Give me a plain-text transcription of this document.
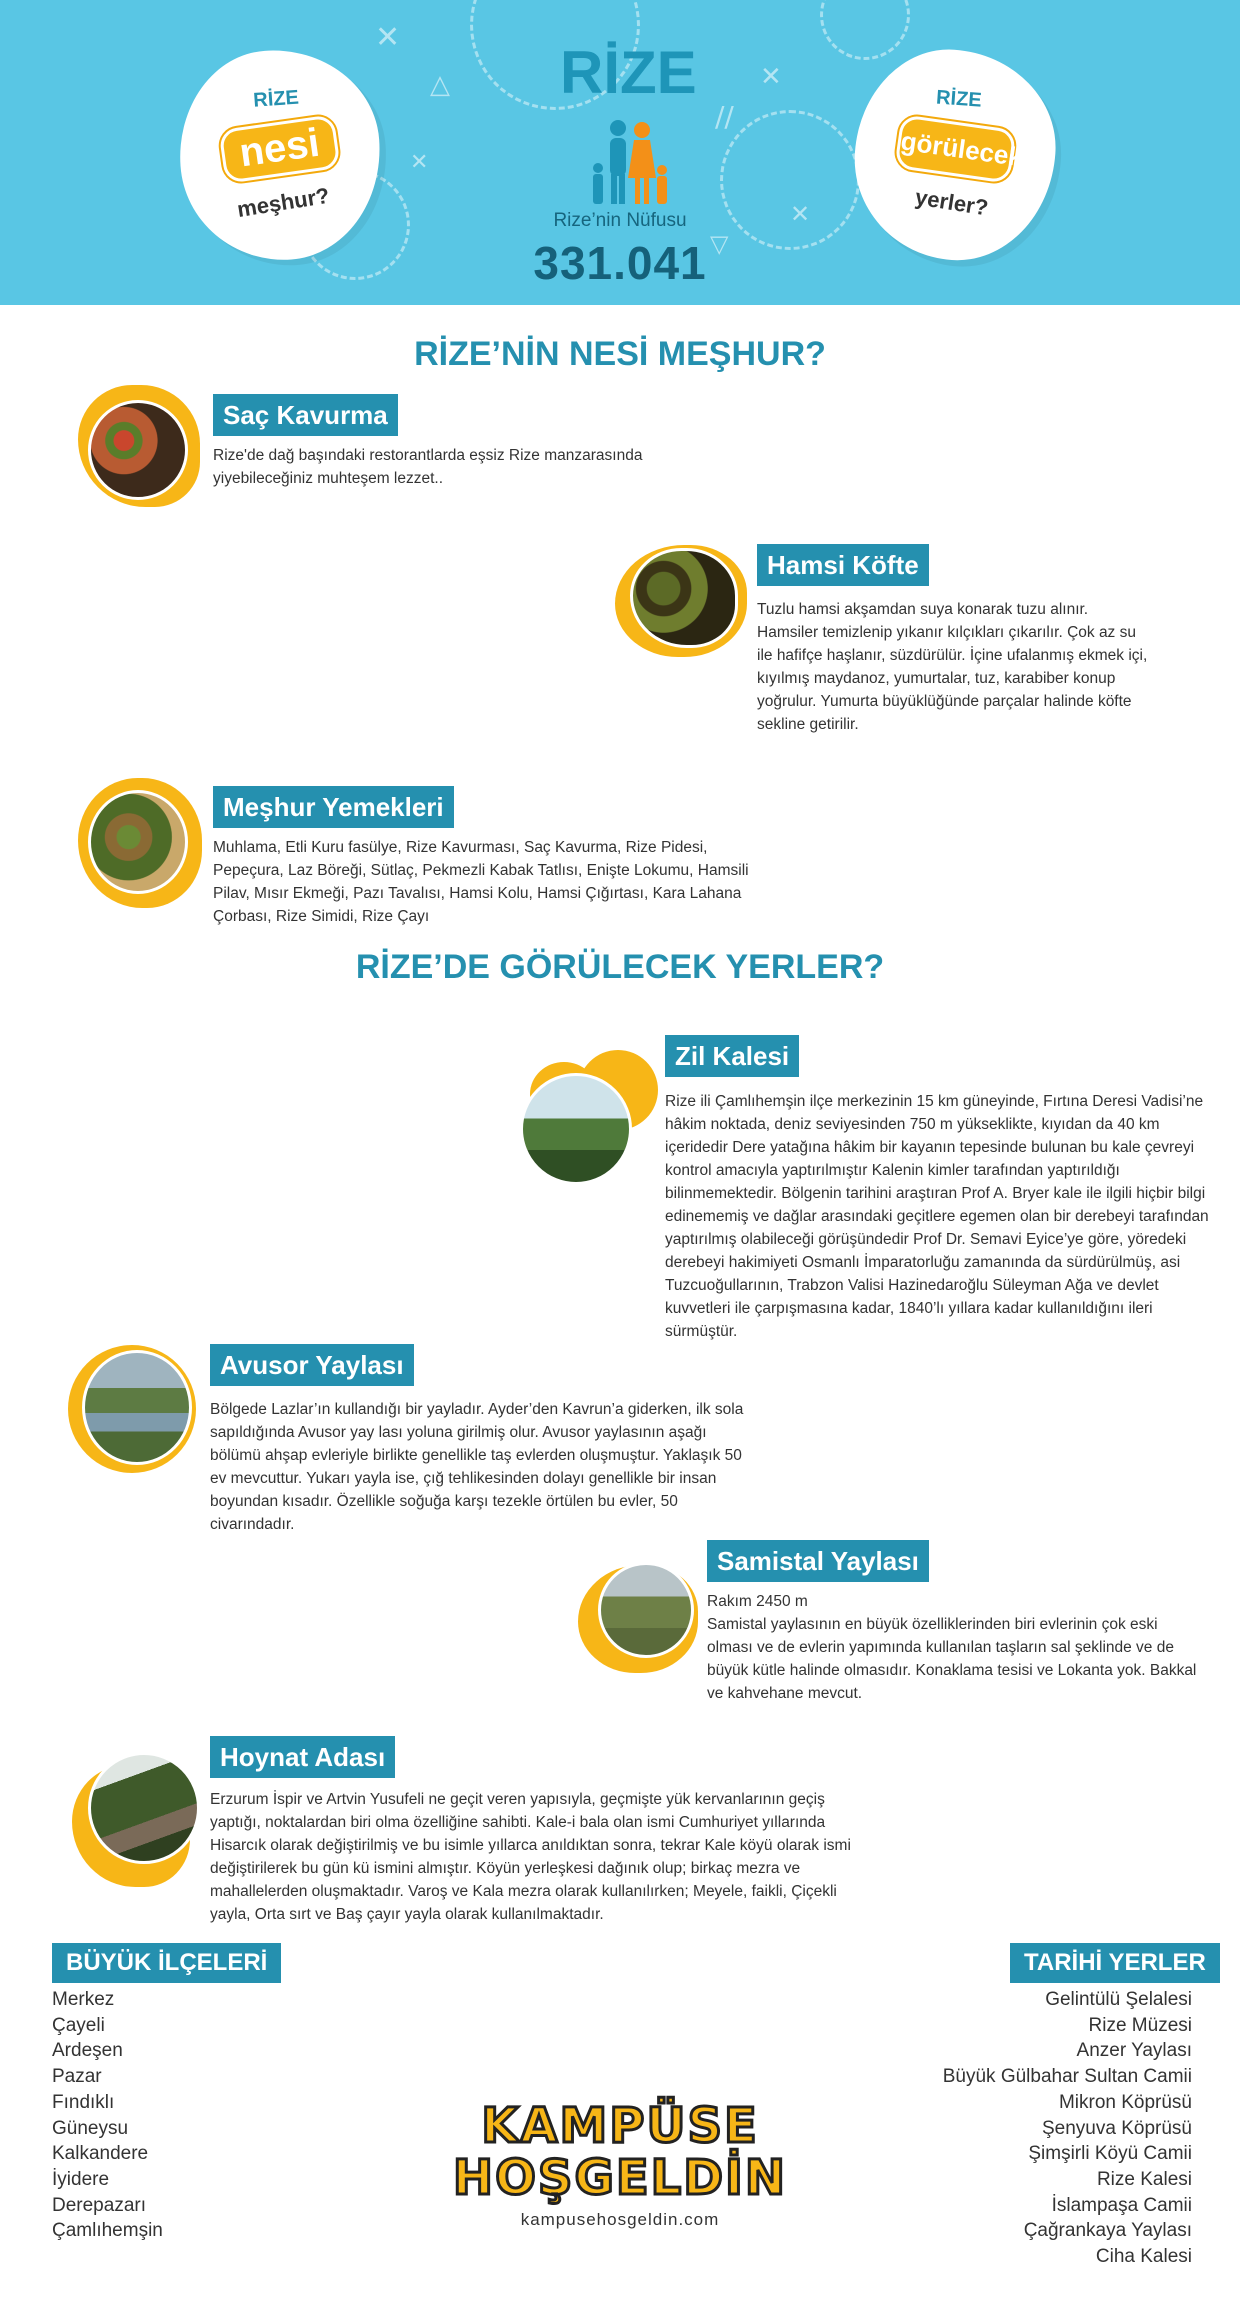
✕
✕
✕
✕
△
▽
//
RİZE
nesi
meşhur?
RİZE
Rize’nin Nüfusu
331.041
RİZE
görülecek
yerler?
RİZE’NİN NESİ MEŞHUR?
Saç Kavurma
Rize'de dağ başındaki restorantlarda eşsiz Rize manzarasında yiyebileceğiniz muhteşem lezzet..
Hamsi Köfte
Tuzlu hamsi akşamdan suya konarak tuzu alınır. Hamsiler temizlenip yıkanır kılçıkları çıkarılır. Çok az su ile hafifçe haşlanır, süzdürülür. İçine ufalanmış ekmek içi, kıyılmış maydanoz, yumurtalar, tuz, karabiber konup yoğrulur. Yumurta büyüklüğünde parçalar halinde köfte sekline getirilir.
Meşhur Yemekleri
Muhlama, Etli Kuru fasülye, Rize Kavurması, Saç Kavurma, Rize Pidesi, Pepeçura, Laz Böreği, Sütlaç, Pekmezli Kabak Tatlısı, Enişte Lokumu, Hamsili Pilav, Mısır Ekmeği, Pazı Tavalısı, Hamsi Kolu, Hamsi Çığırtası, Kara Lahana Çorbası, Rize Simidi, Rize Çayı
RİZE’DE GÖRÜLECEK YERLER?
Zil Kalesi
Rize ili Çamlıhemşin ilçe merkezinin 15 km güneyinde, Fırtına Deresi Vadisi’ne hâkim noktada, deniz seviyesinden 750 m yükseklikte, kıyıdan da 40 km içeridedir Dere yatağına hâkim bir kayanın tepesinde bulunan bu kale çevreyi kontrol amacıyla yaptırılmıştır Kalenin kimler tarafından yaptırıldığı bilinmemektedir. Bölgenin tarihini araştıran Prof A. Bryer kale ile ilgili hiçbir bilgi edinememiş ve dağlar arasındaki geçitlere egemen olan bir derebeyi tarafından yaptırılmış olabileceği görüşündedir Prof Dr. Semavi Eyice’ye göre, yöredeki derebeyi hakimiyeti Osmanlı İmparatorluğu zamanında da sürdürülmüş, asi Tuzcuoğullarının, Trabzon Valisi Hazinedaroğlu Süleyman Ağa ve devlet kuvvetleri ile çarpışmasına kadar, 1840’lı yıllara kadar kullanıldığını ileri sürmüştür.
Avusor Yaylası
Bölgede Lazlar’ın kullandığı bir yayladır. Ayder’den Kavrun’a giderken, ilk sola sapıldığında Avusor yay lası yoluna girilmiş olur. Avusor yaylasının aşağı bölümü ahşap evleriyle birlikte genellikle taş evlerden oluşmuştur. Yaklaşık 50 ev mevcuttur. Yukarı yayla ise, çığ tehlikesinden dolayı genellikle bir insan boyundan kısadır. Özellikle soğuğa karşı tezekle örtülen bu evler, 50 civarındadır.
Samistal Yaylası
Rakım 2450 m
Samistal yaylasının en büyük özelliklerinden biri evlerinin çok eski olması ve de evlerin yapımında kullanılan taşların sal şeklinde ve de büyük kütle halinde olmasıdır. Konaklama tesisi ve Lokanta yok. Bakkal ve kahvehane mevcut.
Hoynat Adası
Erzurum İspir ve Artvin Yusufeli ne geçit veren yapısıyla, geçmişte yük kervanlarının geçiş yaptığı, noktalardan biri olma özelliğine sahibti. Kale-i bala olan ismi Cumhuriyet yıllarında Hisarcık olarak değiştirilmiş ve bu isimle yıllarca anıldıktan sonra, tekrar Kale köyü olarak ismi değiştirilerek bu gün kü ismini almıştır. Köyün yerleşkesi dağınık olup; birkaç mezra ve mahallelerden oluşmaktadır. Varoş ve Kala mezra olarak kullanılırken; Meyele, faikli, Çiçekli yayla, Orta sırt ve Baş çayır yayla olarak kullanılmaktadır.
BÜYÜK İLÇELERİ
Merkez
Çayeli
Ardeşen
Pazar
Fındıklı
Güneysu
Kalkandere
İyidere
Derepazarı
Çamlıhemşin
KAMPÜSE
HOŞGELDİN
kampusehosgeldin.com
TARİHİ YERLER
Gelintülü Şelalesi
Rize Müzesi
Anzer Yaylası
Büyük Gülbahar Sultan Camii
Mikron Köprüsü
Şenyuva Köprüsü
Şimşirli Köyü Camii
Rize Kalesi
İslampaşa Camii
Çağrankaya Yaylası
Ciha Kalesi
